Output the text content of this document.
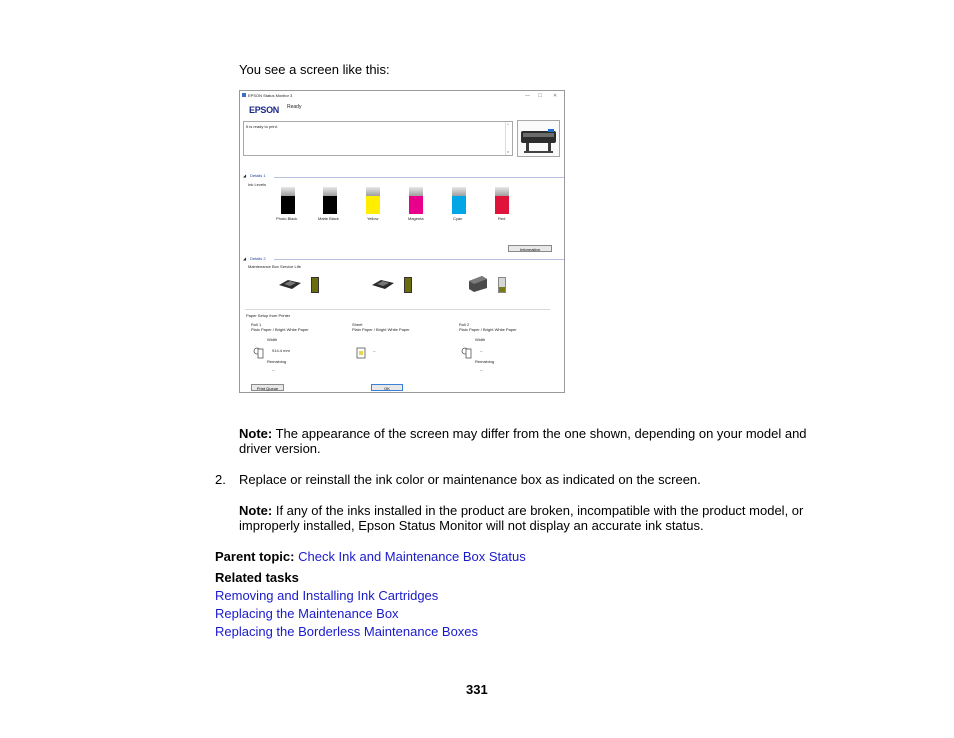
You see a screen like this:
EPSON Status Monitor 3	— ☐ ✕
EPSON Ready
It is ready to print.	^
v
◢ Details 1
Ink Levels
Photo Black	Matte Black	Yellow	Magenta	Cyan	Red
Information
◢ Details 2
Maintenance Box Service Life
Paper Setup from Printer
Roll 1
Plain Paper / Bright White Paper
Width
914.4 mm
Remaining
--
Sheet
Plain Paper / Bright White Paper
--
Roll 2
Plain Paper / Bright White Paper
Width
--
Remaining
--
Print Queue	OK
Note: The appearance of the screen may differ from the one shown, depending on your model and driver version.
2. Replace or reinstall the ink color or maintenance box as indicated on the screen.
Note: If any of the inks installed in the product are broken, incompatible with the product model, or improperly installed, Epson Status Monitor will not display an accurate ink status.
Parent topic: Check Ink and Maintenance Box Status
Related tasks
Removing and Installing Ink Cartridges
Replacing the Maintenance Box
Replacing the Borderless Maintenance Boxes
331
